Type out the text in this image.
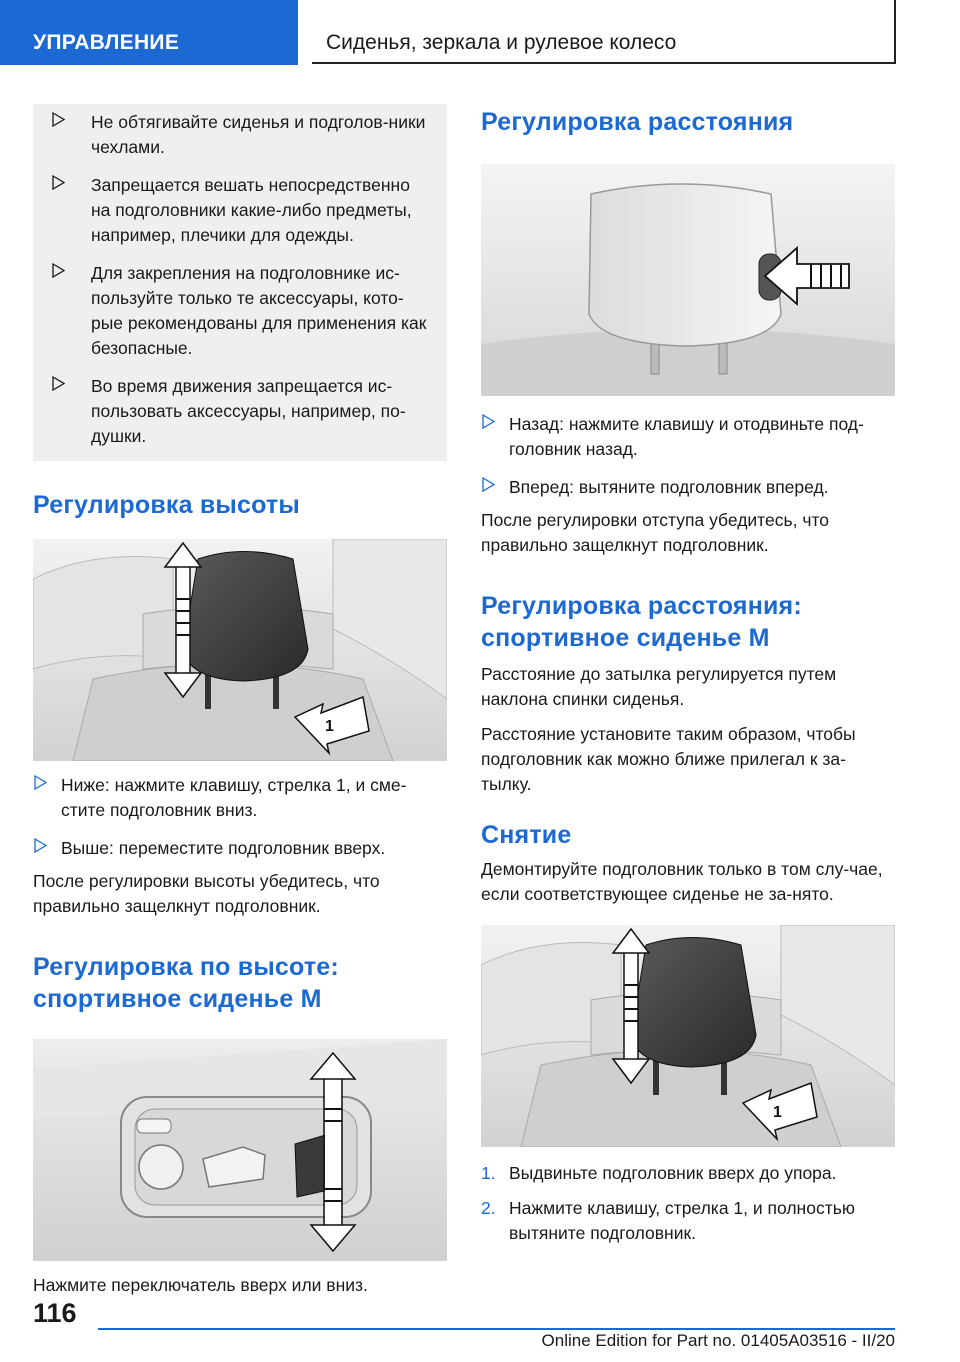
УПРАВЛЕНИЕ	Сиденья, зеркала и рулевое колесо
Не обтягивайте сиденья и подголов-ники чехлами.
Запрещается вешать непосредственно на подголовники какие-либо предметы, например, плечики для одежды.
Для закрепления на подголовнике ис-пользуйте только те аксессуары, кото-рые рекомендованы для применения как безопасные.
Во время движения запрещается ис-пользовать аксессуары, например, по-душки.
Регулировка высоты
1
Ниже: нажмите клавишу, стрелка 1, и сме-стите подголовник вниз.
Выше: переместите подголовник вверх.

После регулировки высоты убедитесь, что правильно защелкнут подголовник.

Регулировка по высоте: спортивное сиденье M

Нажмите переключатель вверх или вниз.

Регулировка расстояния
Назад: нажмите клавишу и отодвиньте под-головник назад.
Вперед: вытяните подголовник вперед.

После регулировки отступа убедитесь, что правильно защелкнут подголовник.

Регулировка расстояния: спортивное сиденье M

Расстояние до затылка регулируется путем наклона спинки сиденья.

Расстояние установите таким образом, чтобы подголовник как можно ближе прилегал к за-тылку.

Снятие

Демонтируйте подголовник только в том слу-чае, если соответствующее сиденье не за-нято.

1
1. Выдвиньте подголовник вверх до упора.
2. Нажмите клавишу, стрелка 1, и полностью вытяните подголовник.
116
Online Edition for Part no. 01405A03516 - II/20
